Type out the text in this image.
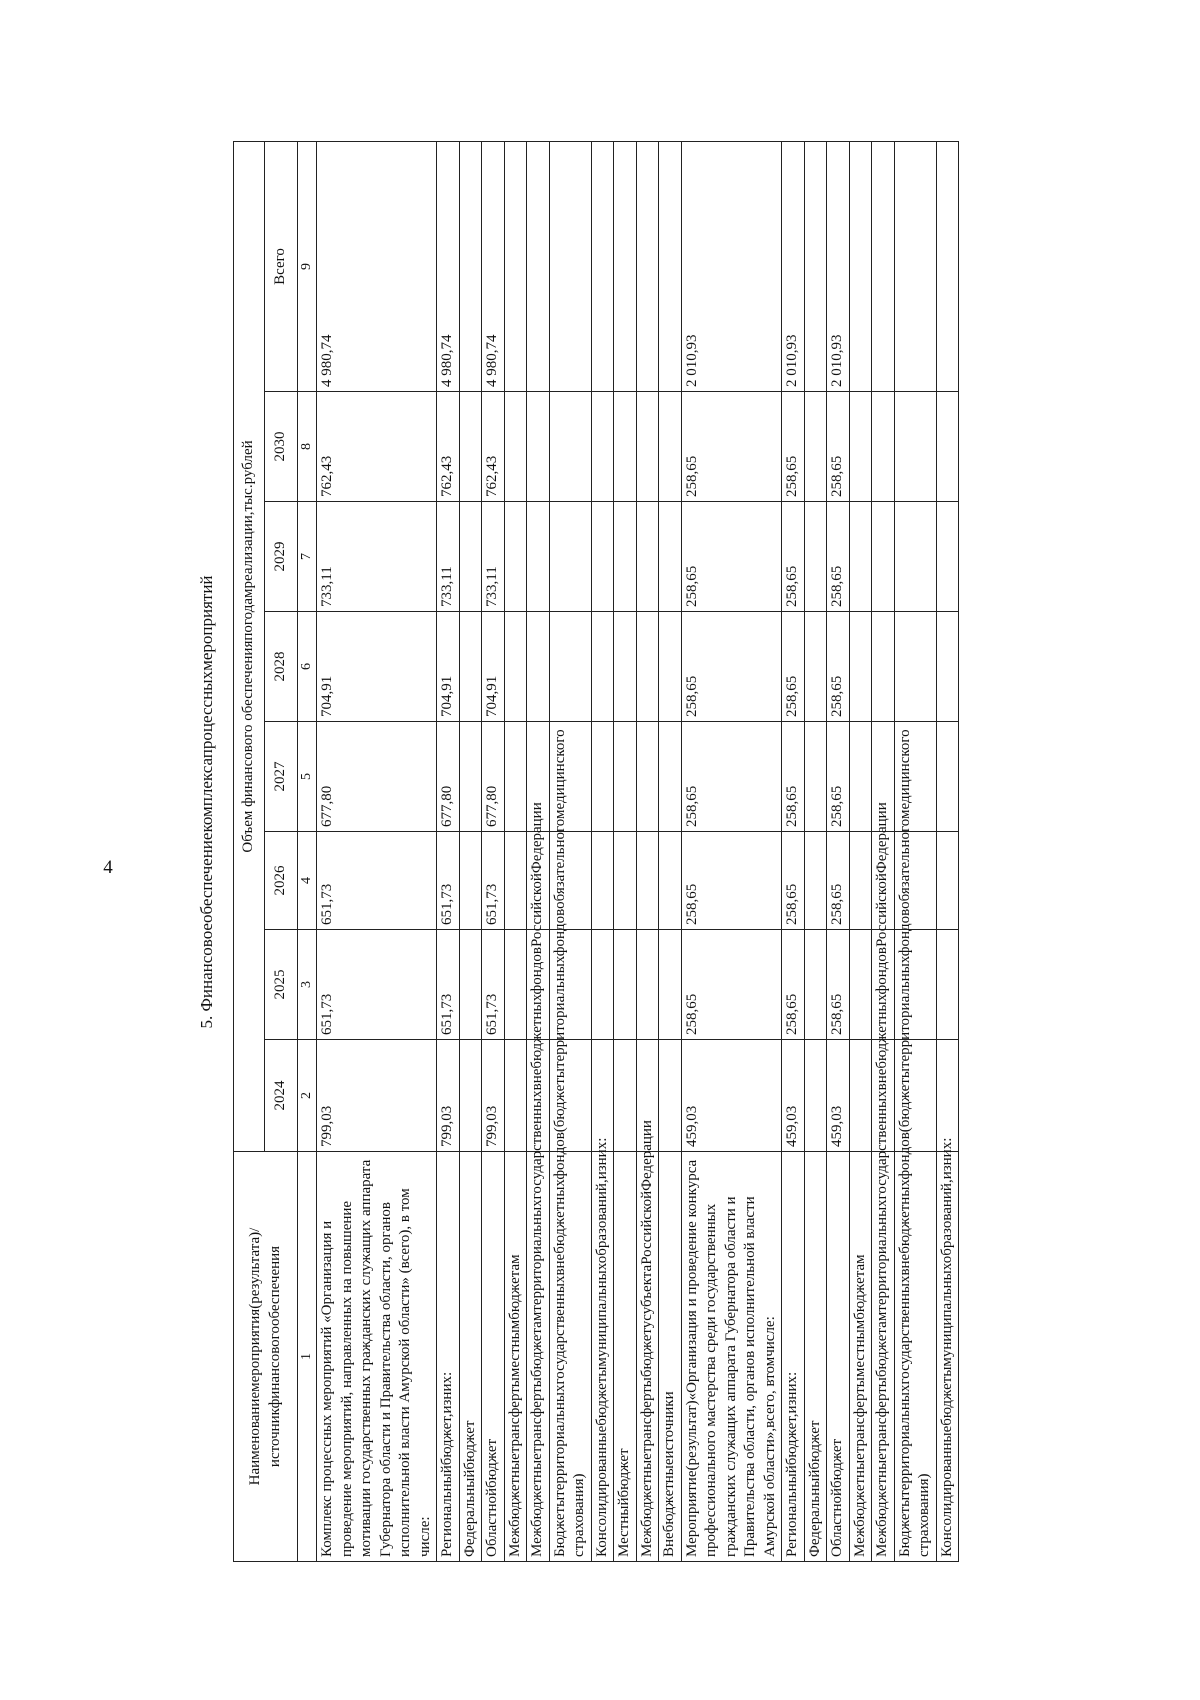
4	5. Финансовоеобеспечениекомплексапроцессныхмероприятий
Наименованиемероприятия(результата)/источникфинансовогообеспечения	Объем финансового обеспеченияпогодамреализации,тыс.рублей							
	2024	2025	2026	2027	2028	2029	2030	Всего
1	2	3	4	5	6	7	8	9
Комплекс процессных мероприятий «Организация и проведение мероприятий, направленных на повышение мотивации государственных гражданских служащих аппарата Губернатора области и Правительства области, органов исполнительной власти Амурской области» (всего), в том числе:	799,03	651,73	651,73	677,80	704,91	733,11	762,43	4 980,74
Региональныйбюджет,изних:	799,03	651,73	651,73	677,80	704,91	733,11	762,43	4 980,74
Федеральныйбюджет								
Областнойбюджет	799,03	651,73	651,73	677,80	704,91	733,11	762,43	4 980,74
Межбюджетныетрансфертыместнымбюджетам								
МежбюджетныетрансфертыбюджетамтерриториальныхгосударственныхвнебюджетныхфондовРоссийскойФедерации								
Бюджетытерриториальныхгосударственныхвнебюджетныхфондов(бюджетытерриториальныхфондовобязательногомедицинского страхования)								
Консолидированныебюджетымуниципальныхобразований,изних:								
Местныйбюджет								
МежбюджетныетрансфертыбюджетусубъектаРоссийскойФедерации								
Внебюджетныеисточники								
Мероприятие(результат)«Организация и проведение конкурса профессионального мастерства среди государственных гражданских служащих аппарата Губернатора области и Правительства области, органов исполнительной власти Амурской области»,всего, втомчисле:	459,03	258,65	258,65	258,65	258,65	258,65	258,65	2 010,93
Региональныйбюджет,изних:	459,03	258,65	258,65	258,65	258,65	258,65	258,65	2 010,93
Федеральныйбюджет								
Областнойбюджет	459,03	258,65	258,65	258,65	258,65	258,65	258,65	2 010,93
Межбюджетныетрансфертыместнымбюджетам								
МежбюджетныетрансфертыбюджетамтерриториальныхгосударственныхвнебюджетныхфондовРоссийскойФедерации								
Бюджетытерриториальныхгосударственныхвнебюджетныхфондов(бюджетытерриториальныхфондовобязательногомедицинского страхования)								
Консолидированныебюджетымуниципальныхобразований,изних:								
